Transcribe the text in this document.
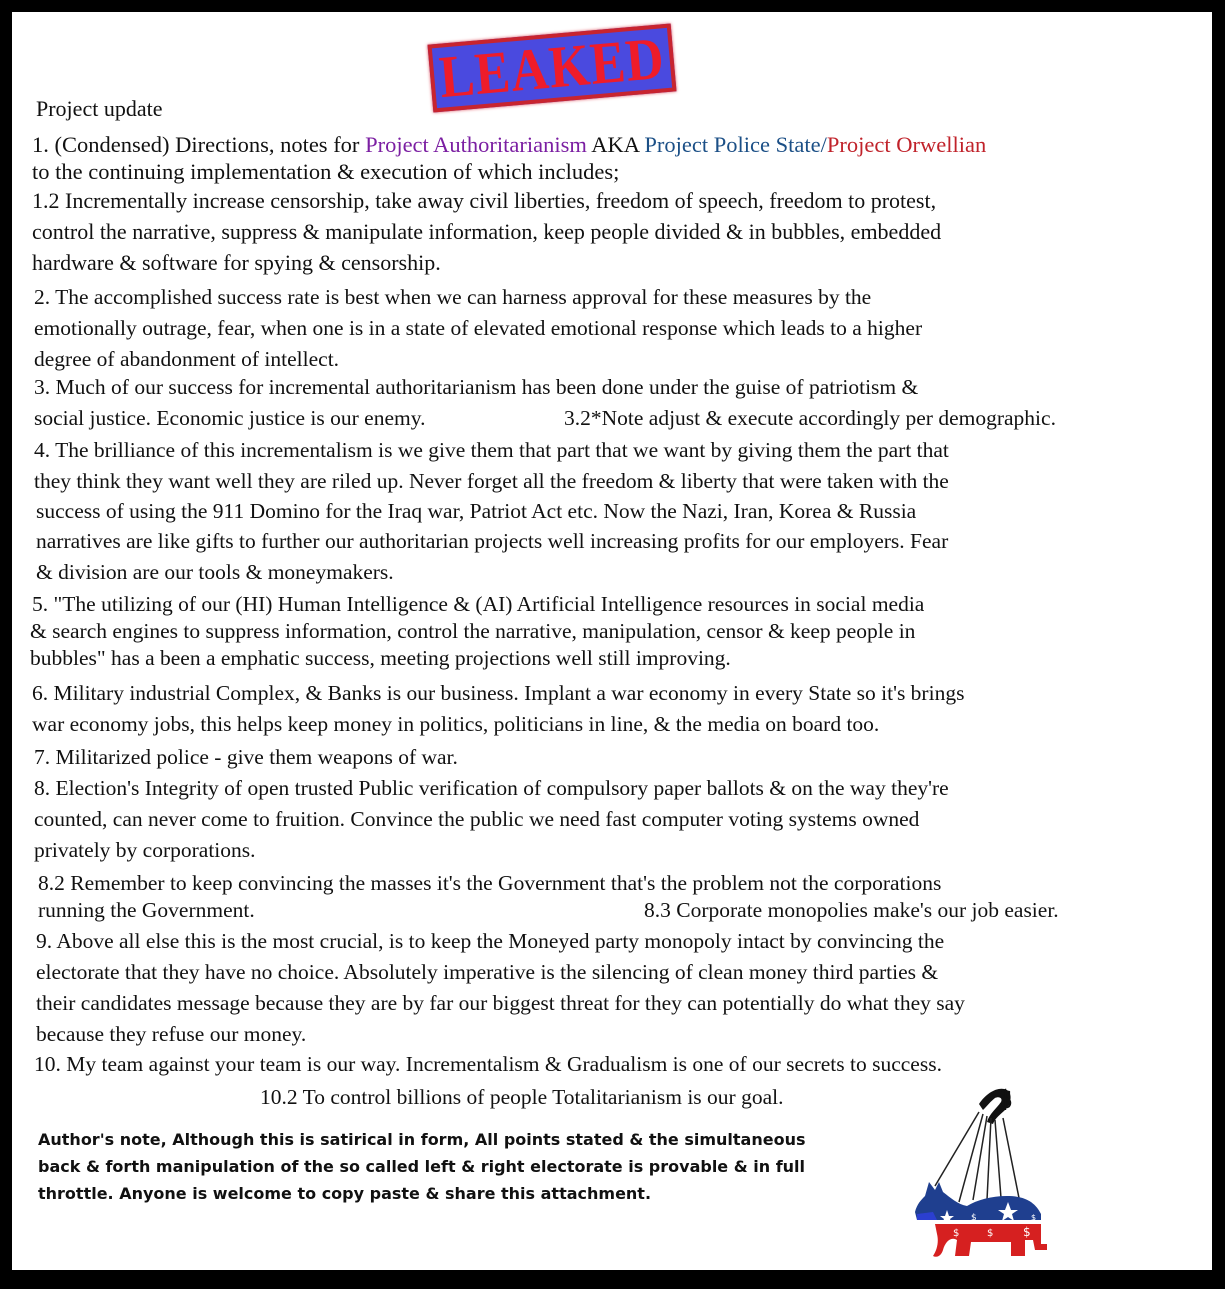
LEAKED
Project update
1. (Condensed) Directions, notes for Project Authoritarianism AKA Project Police State/Project Orwellian
to the continuing implementation & execution of which includes;
1.2 Incrementally increase censorship, take away civil liberties, freedom of speech, freedom to protest,
control the narrative, suppress & manipulate information, keep people divided & in bubbles, embedded
hardware & software for spying & censorship.
2. The accomplished success rate is best when we can harness approval for these measures by the
emotionally outrage, fear, when one is in a state of elevated emotional response which leads to a higher
degree of abandonment of intellect.
3. Much of our success for incremental authoritarianism has been done under the guise of patriotism &
social justice. Economic justice is our enemy.	3.2*Note adjust & execute accordingly per demographic.
4. The brilliance of this incrementalism is we give them that part that we want by giving them the part that
they think they want well they are riled up. Never forget all the freedom & liberty that were taken with the
success of using the 911 Domino for the Iraq war, Patriot Act etc. Now the Nazi, Iran, Korea & Russia
narratives are like gifts to further our authoritarian projects well increasing profits for our employers. Fear
& division are our tools & moneymakers.
5. "The utilizing of our (HI) Human Intelligence & (AI) Artificial Intelligence resources in social media
& search engines to suppress information, control the narrative, manipulation, censor & keep people in
bubbles" has a been a emphatic success, meeting projections well still improving.
6. Military industrial Complex, & Banks is our business. Implant a war economy in every State so it's brings
war economy jobs, this helps keep money in politics, politicians in line, & the media on board too.
7. Militarized police - give them weapons of war.
8. Election's Integrity of open trusted Public verification of compulsory paper ballots & on the way they're
counted, can never come to fruition. Convince the public we need fast computer voting systems owned
privately by corporations.
8.2 Remember to keep convincing the masses it's the Government that's the problem not the corporations
running the Government.	8.3 Corporate monopolies make's our job easier.
9. Above all else this is the most crucial, is to keep the Moneyed party monopoly intact by convincing the
electorate that they have no choice. Absolutely imperative is the silencing of clean money third parties &
their candidates message because they are by far our biggest threat for they can potentially do what they say
because they refuse our money.
10. My team against your team is our way. Incrementalism & Gradualism is one of our secrets to success.
10.2 To control billions of people Totalitarianism is our goal.
Author's note, Although this is satirical in form, All points stated & the simultaneous
back & forth manipulation of the so called left & right electorate is provable & in full
throttle. Anyone is welcome to copy paste & share this attachment.
$
$	$ $
$	$
